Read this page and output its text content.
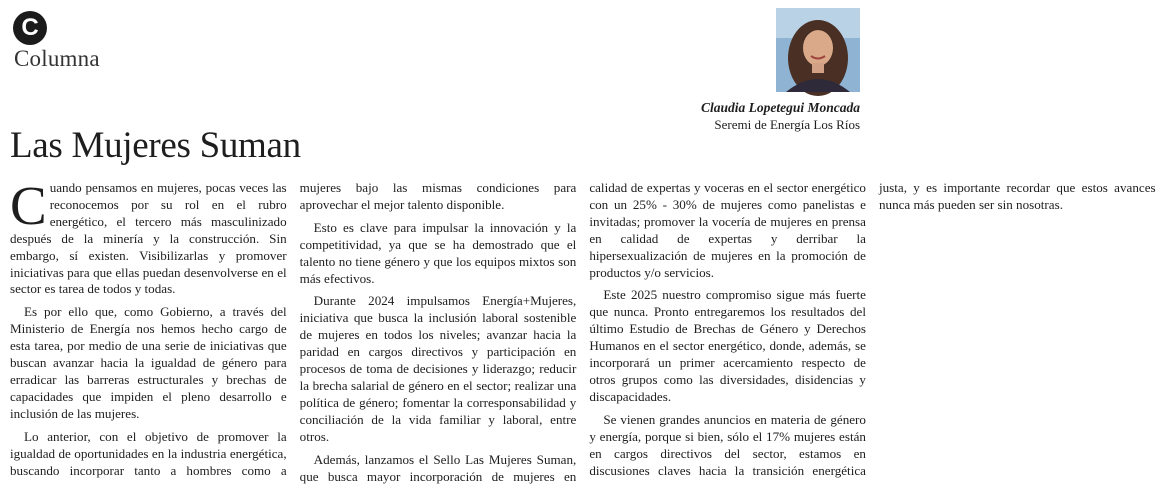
C
Columna
Claudia Lopetegui Moncada
Seremi de Energía Los Ríos
Las Mujeres Suman

Cuando pensamos en mujeres, pocas veces las reconocemos por su rol en el rubro energético, el tercero más masculinizado después de la minería y la construcción. Sin embargo, sí existen. Visibilizarlas y promover iniciativas para que ellas puedan desenvolverse en el sector es tarea de todos y todas.

Es por ello que, como Gobierno, a través del Ministerio de Energía nos hemos hecho cargo de esta tarea, por medio de una serie de iniciativas que buscan avanzar hacia la igualdad de género para erradicar las barreras estructurales y brechas de capacidades que impiden el pleno desarrollo e inclusión de las mujeres.

Lo anterior, con el objetivo de promover la igualdad de oportunidades en la industria energética, buscando incorporar tanto a hombres como a mujeres bajo las mismas condiciones para aprovechar el mejor talento disponible.

Esto es clave para impulsar la innovación y la competitividad, ya que se ha demostrado que el talento no tiene género y que los equipos mixtos son más efectivos.

Durante 2024 impulsamos Energía+Mujeres, iniciativa que busca la inclusión laboral sostenible de mujeres en todos los niveles; avanzar hacia la paridad en cargos directivos y participación en procesos de toma de decisiones y liderazgo; reducir la brecha salarial de género en el sector; realizar una política de género; fomentar la corresponsabilidad y conciliación de la vida familiar y laboral, entre otros.

Además, lanzamos el Sello Las Mujeres Suman, que busca mayor incorporación de mujeres en calidad de expertas y voceras en el sector energético con un 25% - 30% de mujeres como panelistas e invitadas; promover la vocería de mujeres en prensa en calidad de expertas y derribar la hipersexualización de mujeres en la promoción de productos y/o servicios.

Este 2025 nuestro compromiso sigue más fuerte que nunca. Pronto entregaremos los resultados del último Estudio de Brechas de Género y Derechos Humanos en el sector energético, donde, además, se incorporará un primer acercamiento respecto de otros grupos como las diversidades, disidencias y discapacidades.

Se vienen grandes anuncios en materia de género y energía, porque si bien, sólo el 17% mujeres están en cargos directivos del sector, estamos en discusiones claves hacia la transición energética justa, y es importante recordar que estos avances nunca más pueden ser sin nosotras.
